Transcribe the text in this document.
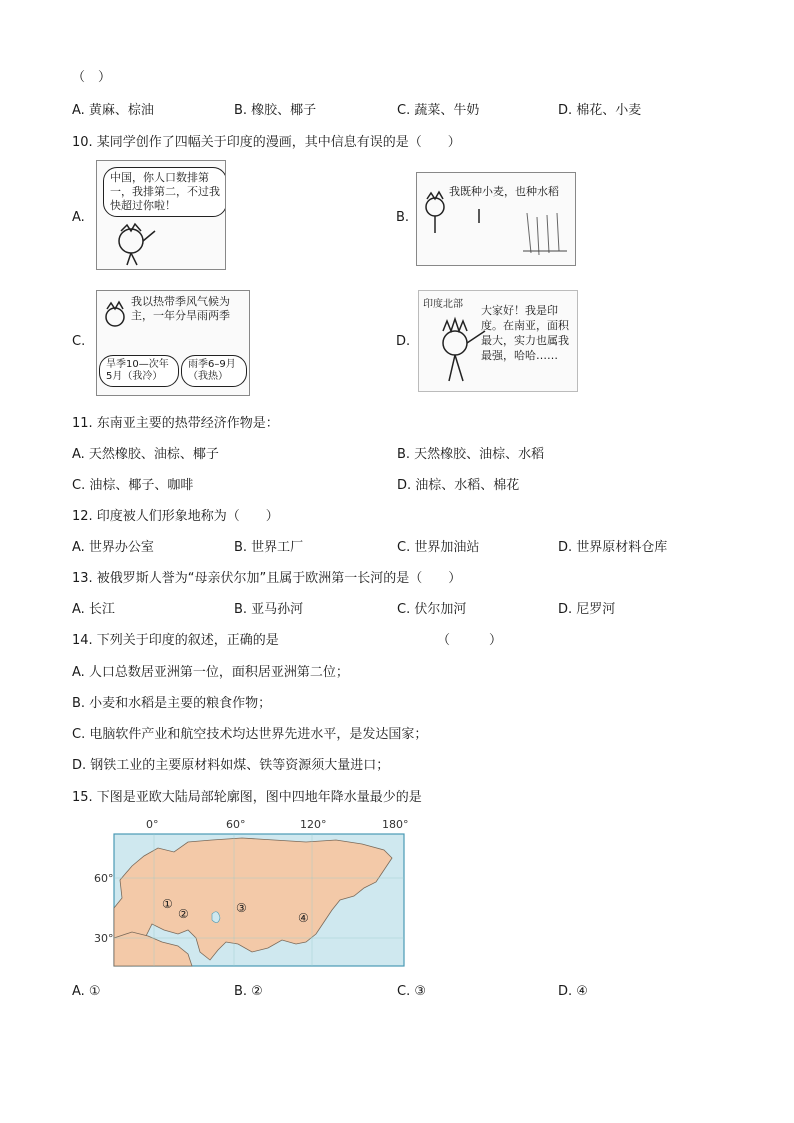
（　）
A. 黄麻、棕油	B. 橡胶、椰子	C. 蔬菜、牛奶	D. 棉花、小麦
10. 某同学创作了四幅关于印度的漫画，其中信息有误的是（　　）
A.
中国，你人口数排第一，我排第二，不过我快超过你啦！
B.
我既种小麦，也种水稻
C.
我以热带季风气候为主，一年分旱雨两季
旱季10—次年5月（我冷）
雨季6–9月（我热）
D.
印度北部 大家好！我是印度。在南亚，面积最大，实力也属我最强，哈哈……
11. 东南亚主要的热带经济作物是：
A. 天然橡胶、油棕、椰子	B. 天然橡胶、油棕、水稻
C. 油棕、椰子、咖啡	D. 油棕、水稻、棉花
12. 印度被人们形象地称为（　　）
A. 世界办公室	B. 世界工厂	C. 世界加油站	D. 世界原材料仓库
13. 被俄罗斯人誉为“母亲伏尔加”且属于欧洲第一长河的是（　　）
A. 长江	B. 亚马孙河	C. 伏尔加河	D. 尼罗河
14. 下列关于印度的叙述，正确的是	（　　　）
A. 人口总数居亚洲第一位，面积居亚洲第二位；
B. 小麦和水稻是主要的粮食作物；
C. 电脑软件产业和航空技术均达世界先进水平，是发达国家；
D. 钢铁工业的主要原材料如煤、铁等资源须大量进口；
15. 下图是亚欧大陆局部轮廓图，图中四地年降水量最少的是
0°	60°	120°	180°
60°
30°
①
②	③
④
A. ①	B. ②	C. ③	D. ④
